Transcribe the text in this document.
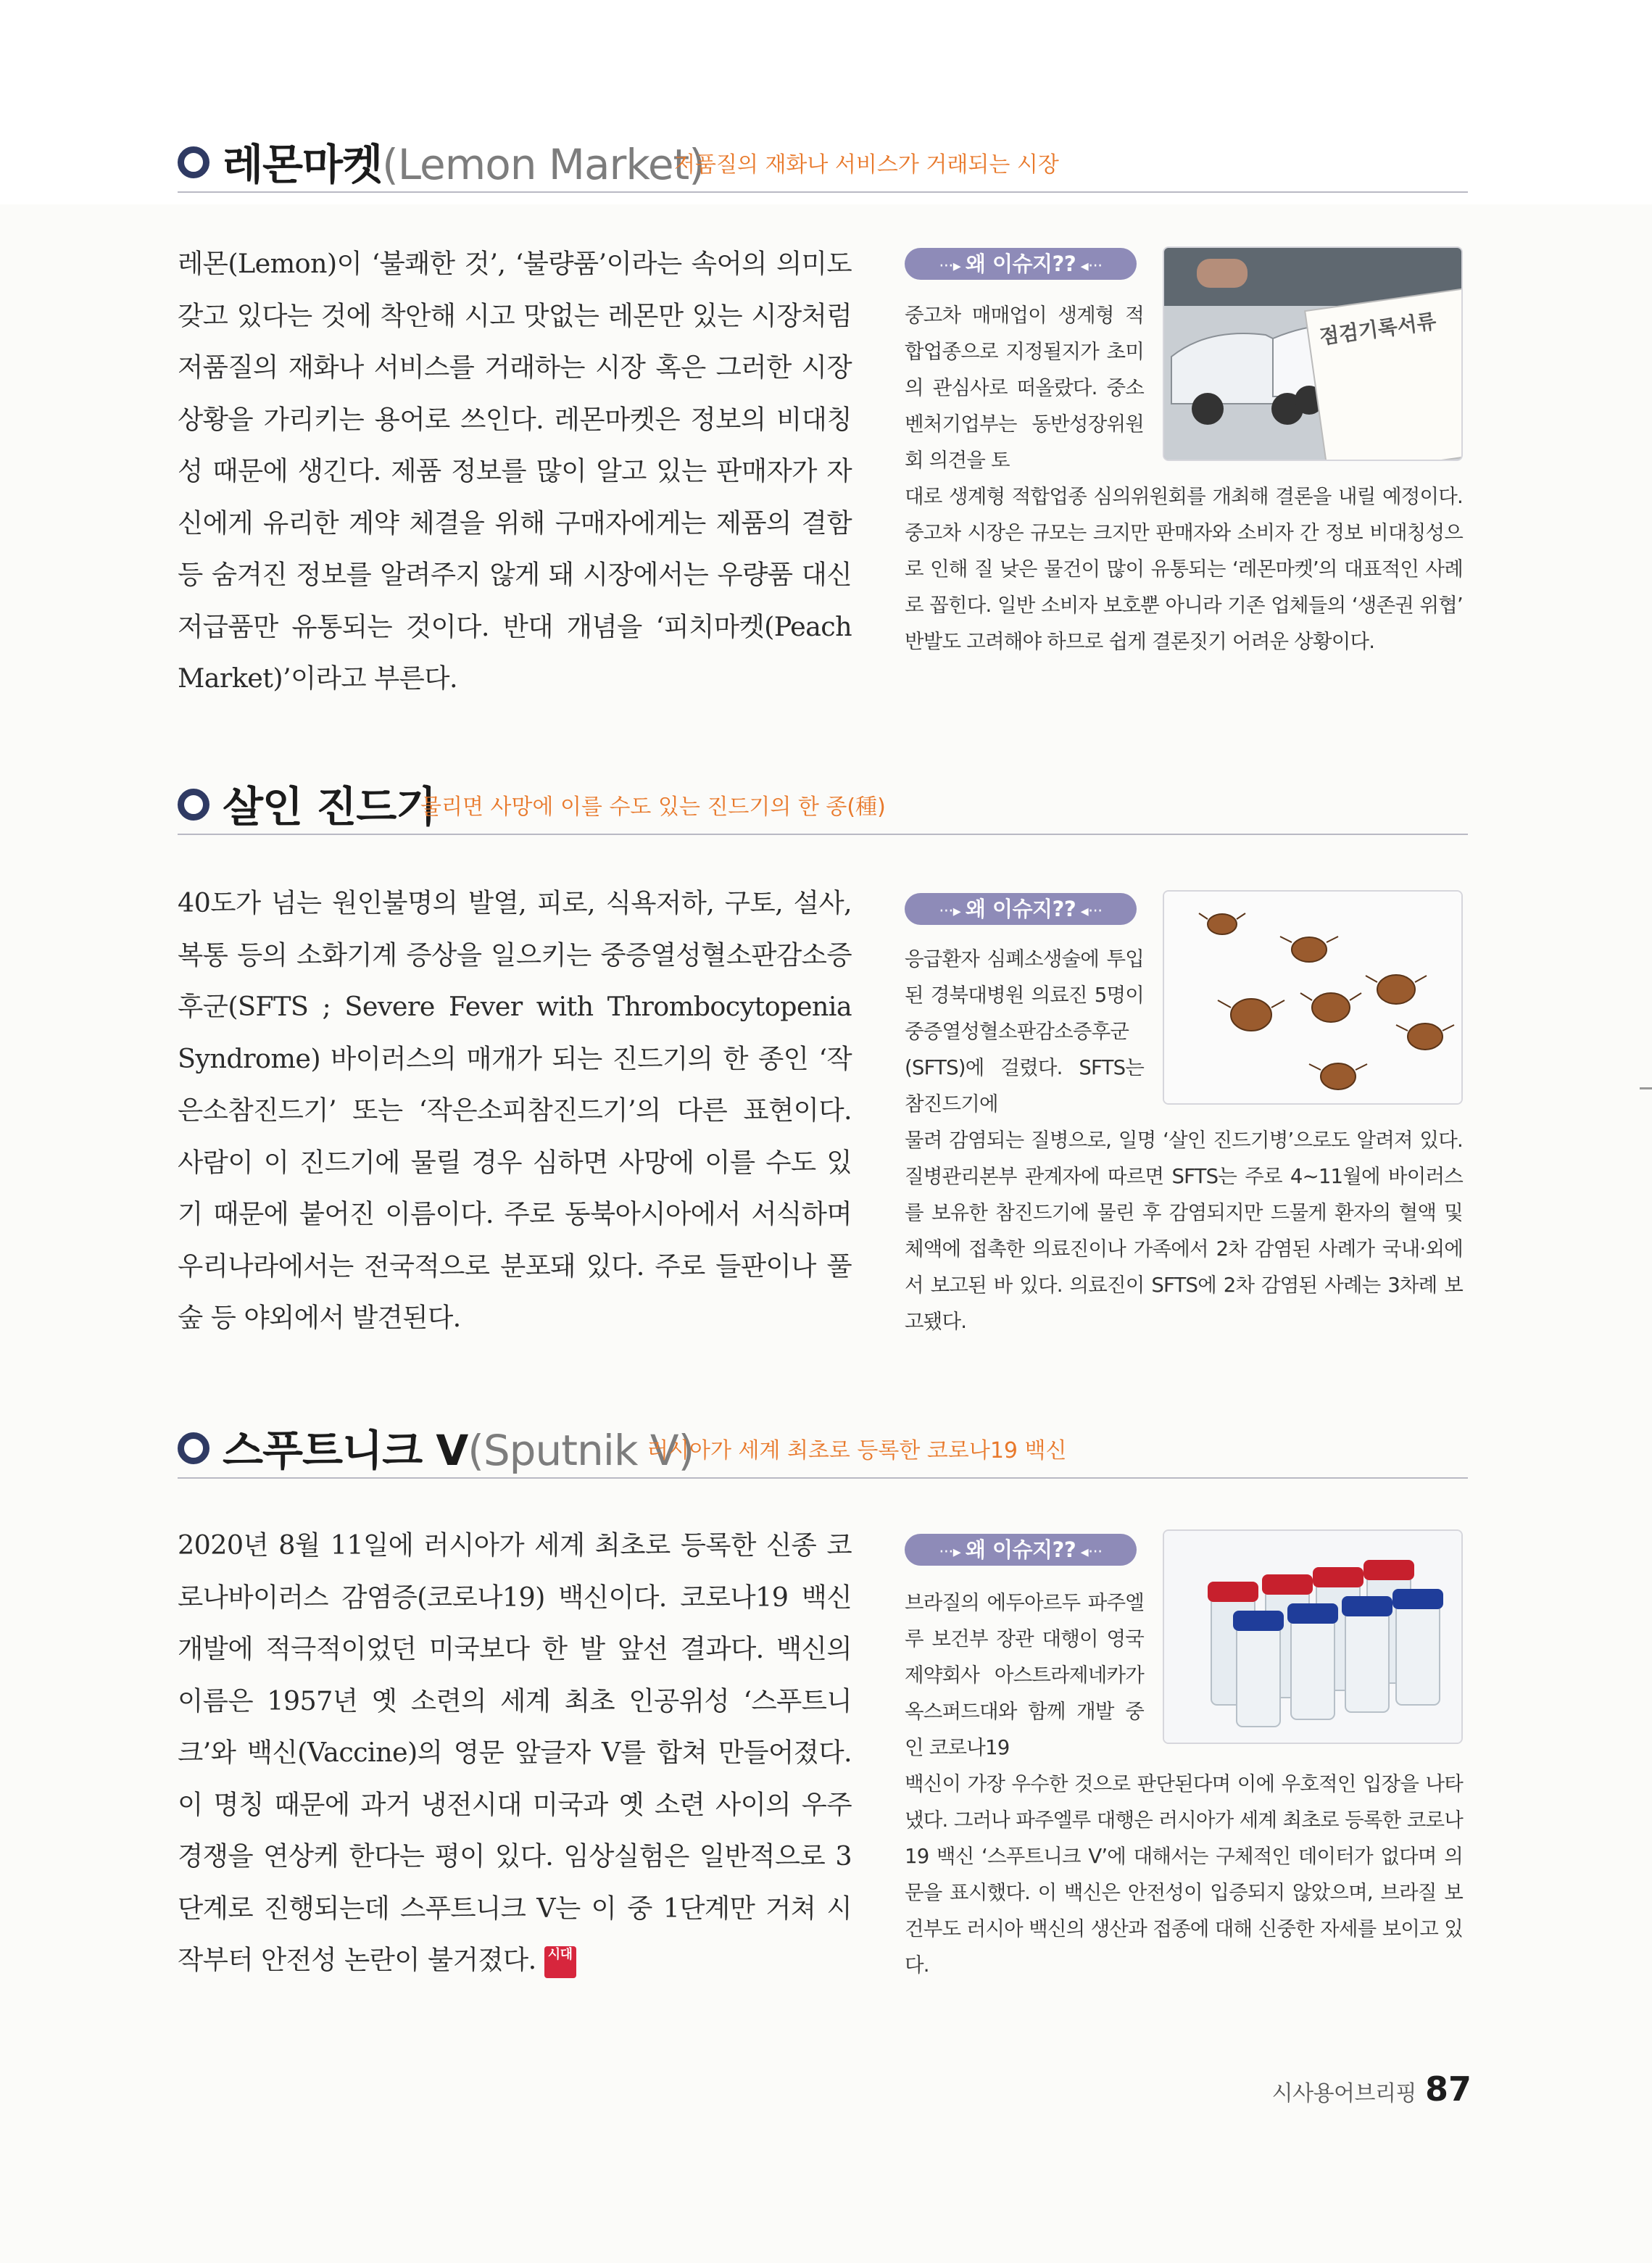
레몬마켓(Lemon Market)
저품질의 재화나 서비스가 거래되는 시장
레몬(Lemon)이 ‘불쾌한 것’, ‘불량품’이라는 속어의 의미도 갖고 있다는 것에 착안해 시고 맛없는 레몬만 있는 시장처럼 저품질의 재화나 서비스를 거래하는 시장 혹은 그러한 시장 상황을 가리키는 용어로 쓰인다. 레몬마켓은 정보의 비대칭성 때문에 생긴다. 제품 정보를 많이 알고 있는 판매자가 자신에게 유리한 계약 체결을 위해 구매자에게는 제품의 결함 등 숨겨진 정보를 알려주지 않게 돼 시장에서는 우량품 대신 저급품만 유통되는 것이다. 반대 개념을 ‘피치마켓(Peach Market)’이라고 부른다.
···▸ 왜 이슈지?? ◂···
점검기록서류
중고차 매매업이 생계형 적합업종으로 지정될지가 초미의 관심사로 떠올랐다. 중소벤처기업부는 동반성장위원회 의견을 토
대로 생계형 적합업종 심의위원회를 개최해 결론을 내릴 예정이다. 중고차 시장은 규모는 크지만 판매자와 소비자 간 정보 비대칭성으로 인해 질 낮은 물건이 많이 유통되는 ‘레몬마켓’의 대표적인 사례로 꼽힌다. 일반 소비자 보호뿐 아니라 기존 업체들의 ‘생존권 위협’ 반발도 고려해야 하므로 쉽게 결론짓기 어려운 상황이다.
살인 진드기
물리면 사망에 이를 수도 있는 진드기의 한 종(種)
40도가 넘는 원인불명의 발열, 피로, 식욕저하, 구토, 설사, 복통 등의 소화기계 증상을 일으키는 중증열성혈소판감소증후군(SFTS ; Severe Fever with Thrombocytopenia Syndrome) 바이러스의 매개가 되는 진드기의 한 종인 ‘작은소참진드기’ 또는 ‘작은소피참진드기’의 다른 표현이다. 사람이 이 진드기에 물릴 경우 심하면 사망에 이를 수도 있기 때문에 붙어진 이름이다. 주로 동북아시아에서 서식하며 우리나라에서는 전국적으로 분포돼 있다. 주로 들판이나 풀숲 등 야외에서 발견된다.
···▸ 왜 이슈지?? ◂···
응급환자 심폐소생술에 투입된 경북대병원 의료진 5명이 중증열성혈소판감소증후군(SFTS)에 걸렸다. SFTS는 참진드기에
물려 감염되는 질병으로, 일명 ‘살인 진드기병’으로도 알려져 있다. 질병관리본부 관계자에 따르면 SFTS는 주로 4~11월에 바이러스를 보유한 참진드기에 물린 후 감염되지만 드물게 환자의 혈액 및 체액에 접촉한 의료진이나 가족에서 2차 감염된 사례가 국내·외에서 보고된 바 있다. 의료진이 SFTS에 2차 감염된 사례는 3차례 보고됐다.
스푸트니크 V(Sputnik V)
러시아가 세계 최초로 등록한 코로나19 백신
2020년 8월 11일에 러시아가 세계 최초로 등록한 신종 코로나바이러스 감염증(코로나19) 백신이다. 코로나19 백신 개발에 적극적이었던 미국보다 한 발 앞선 결과다. 백신의 이름은 1957년 옛 소련의 세계 최초 인공위성 ‘스푸트니크’와 백신(Vaccine)의 영문 앞글자 V를 합쳐 만들어졌다. 이 명칭 때문에 과거 냉전시대 미국과 옛 소련 사이의 우주경쟁을 연상케 한다는 평이 있다. 임상실험은 일반적으로 3단계로 진행되는데 스푸트니크 V는 이 중 1단계만 거쳐 시작부터 안전성 논란이 불거졌다. 시대
···▸ 왜 이슈지?? ◂···
브라질의 에두아르두 파주엘루 보건부 장관 대행이 영국 제약회사 아스트라제네카가 옥스퍼드대와 함께 개발 중인 코로나19
백신이 가장 우수한 것으로 판단된다며 이에 우호적인 입장을 나타냈다. 그러나 파주엘루 대행은 러시아가 세계 최초로 등록한 코로나19 백신 ‘스푸트니크 V’에 대해서는 구체적인 데이터가 없다며 의문을 표시했다. 이 백신은 안전성이 입증되지 않았으며, 브라질 보건부도 러시아 백신의 생산과 접종에 대해 신중한 자세를 보이고 있다.
시사용어브리핑 87
